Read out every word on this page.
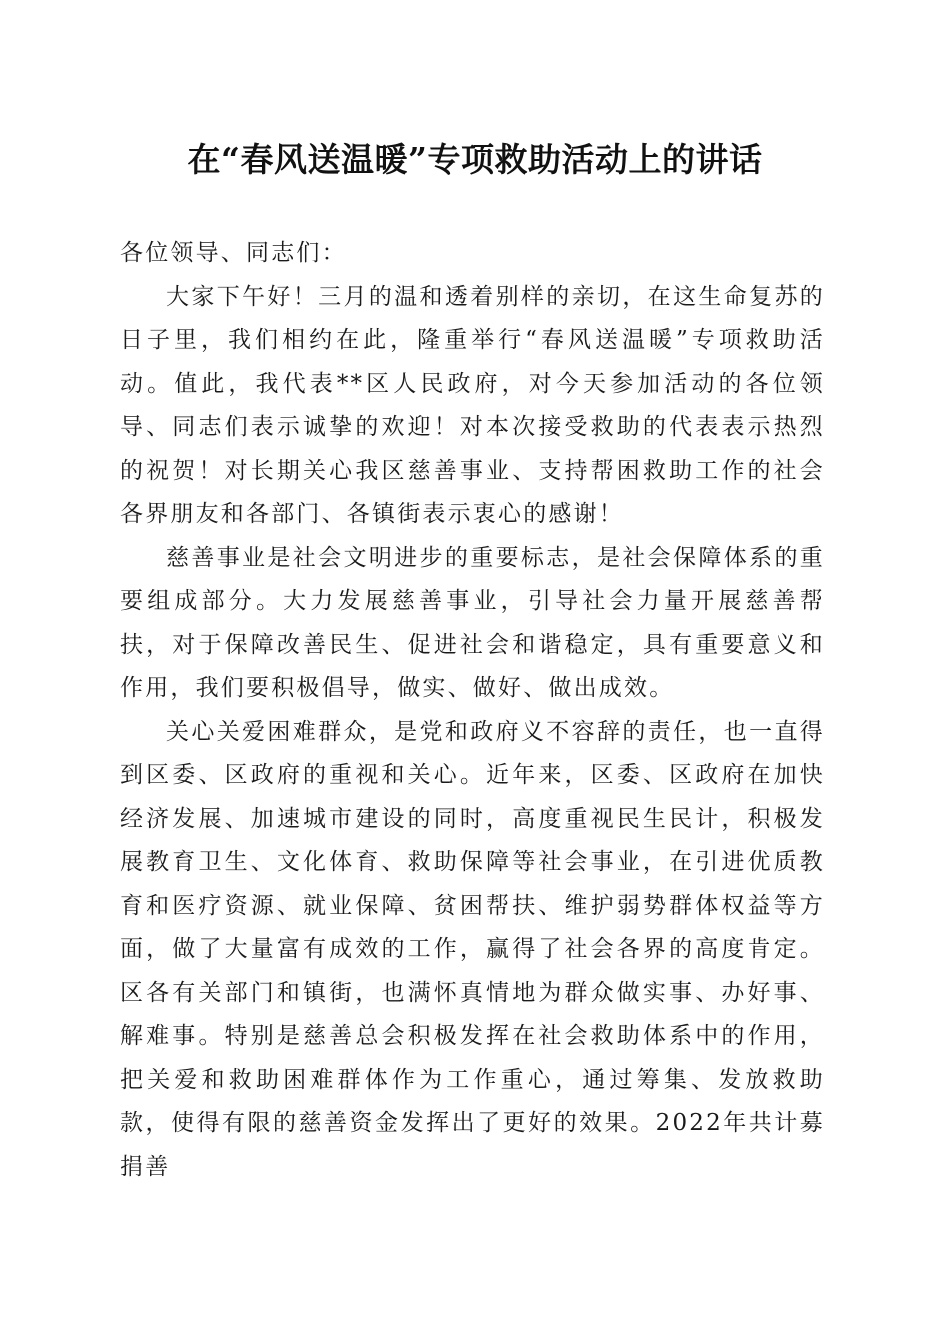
在“春风送温暖”专项救助活动上的讲话

各位领导、同志们：

大家下午好！三月的温和透着别样的亲切，在这生命复苏的日子里，我们相约在此，隆重举行“春风送温暖”专项救助活动。值此，我代表**区人民政府，对今天参加活动的各位领导、同志们表示诚挚的欢迎！对本次接受救助的代表表示热烈的祝贺！对长期关心我区慈善事业、支持帮困救助工作的社会各界朋友和各部门、各镇街表示衷心的感谢！

慈善事业是社会文明进步的重要标志，是社会保障体系的重要组成部分。大力发展慈善事业，引导社会力量开展慈善帮扶，对于保障改善民生、促进社会和谐稳定，具有重要意义和作用，我们要积极倡导，做实、做好、做出成效。

关心关爱困难群众，是党和政府义不容辞的责任，也一直得到区委、区政府的重视和关心。近年来，区委、区政府在加快经济发展、加速城市建设的同时，高度重视民生民计，积极发展教育卫生、文化体育、救助保障等社会事业，在引进优质教育和医疗资源、就业保障、贫困帮扶、维护弱势群体权益等方面，做了大量富有成效的工作，赢得了社会各界的高度肯定。区各有关部门和镇街，也满怀真情地为群众做实事、办好事、解难事。特别是慈善总会积极发挥在社会救助体系中的作用，把关爱和救助困难群体作为工作重心，通过筹集、发放救助款，使得有限的慈善资金发挥出了更好的效果。2022年共计募捐善
